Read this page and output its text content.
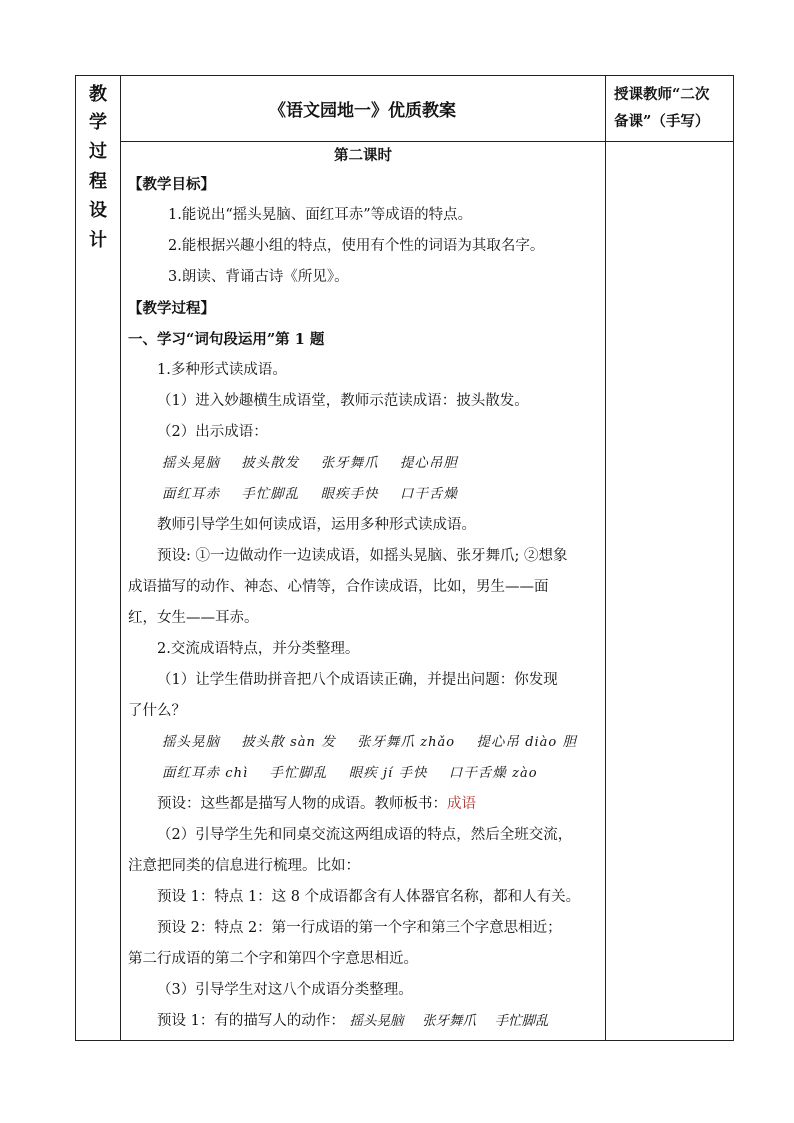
教
学
过
程
设
计
《语文园地一》优质教案
授课教师“二次
备课”（手写）
第二课时
【教学目标】
1.能说出“摇头晃脑、面红耳赤”等成语的特点。
2.能根据兴趣小组的特点，使用有个性的词语为其取名字。
3.朗读、背诵古诗《所见》。
【教学过程】
一、学习“词句段运用”第 1 题
1.多种形式读成语。
（1）进入妙趣横生成语堂，教师示范读成语：披头散发。
（2）出示成语：
摇头晃脑 披头散发 张牙舞爪 提心吊胆
面红耳赤 手忙脚乱 眼疾手快 口干舌燥
教师引导学生如何读成语，运用多种形式读成语。
预设: ①一边做动作一边读成语，如摇头晃脑、张牙舞爪; ②想象
成语描写的动作、神态、心情等，合作读成语，比如，男生——面
红，女生——耳赤。
2.交流成语特点，并分类整理。
（1）让学生借助拼音把八个成语读正确，并提出问题：你发现
了什么？
摇头晃脑 披头散 sàn 发 张牙舞爪 zhǎo 提心吊 diào 胆
面红耳赤 chì 手忙脚乱 眼疾 jí 手快 口干舌燥 zào
预设：这些都是描写人物的成语。教师板书：成语
（2）引导学生先和同桌交流这两组成语的特点，然后全班交流，
注意把同类的信息进行梳理。比如：
预设 1：特点 1：这 8 个成语都含有人体器官名称，都和人有关。
预设 2：特点 2：第一行成语的第一个字和第三个字意思相近；
第二行成语的第二个字和第四个字意思相近。
（3）引导学生对这八个成语分类整理。
预设 1：有的描写人的动作： 摇头晃脑 张牙舞爪 手忙脚乱
